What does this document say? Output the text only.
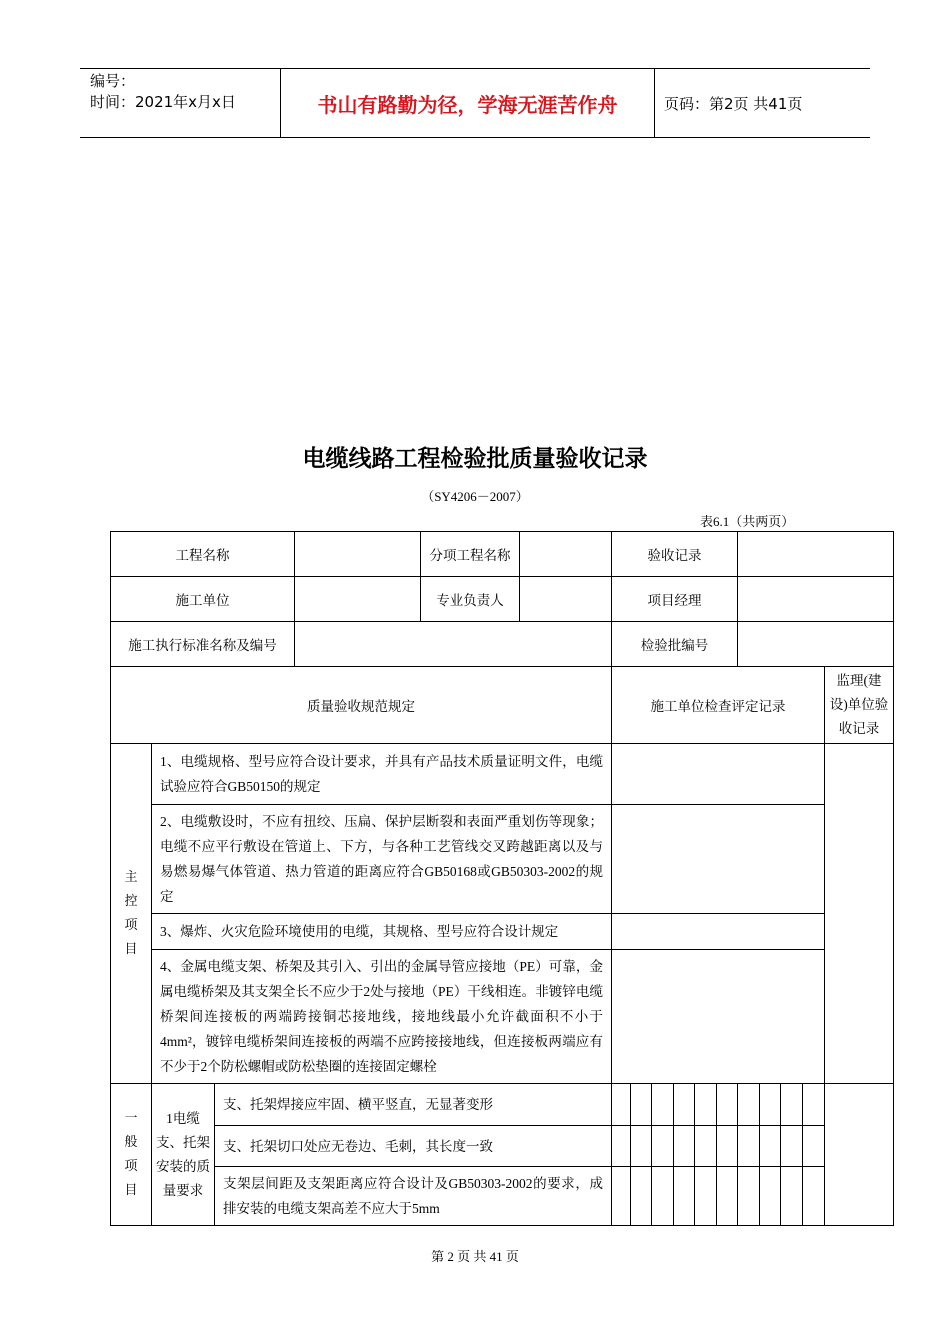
编号：
时间：2021年x月x日	书山有路勤为径，学海无涯苦作舟	页码：第2页 共41页
电缆线路工程检验批质量验收记录
（SY4206－2007）
表6.1（共两页）
工程名称				分项工程名称		验收记录										
施工单位				专业负责人		项目经理										
施工执行标准名称及编号						检验批编号										
质量验收规范规定						施工单位检查评定记录										监理(建设)单位验收记录

主控项目	1、电缆规格、型号应符合设计要求，并具有产品技术质量证明文件，电缆试验应符合GB50150的规定															
	2、电缆敷设时，不应有扭绞、压扁、保护层断裂和表面严重划伤等现象；电缆不应平行敷设在管道上、下方，与各种工艺管线交叉跨越距离以及与易燃易爆气体管道、热力管道的距离应符合GB50168或GB50303-2002的规定															
	3、爆炸、火灾危险环境使用的电缆，其规格、型号应符合设计规定															
	4、金属电缆支架、桥架及其引入、引出的金属导管应接地（PE）可靠，金属电缆桥架及其支架全长不应少于2处与接地（PE）干线相连。非镀锌电缆桥架间连接板的两端跨接铜芯接地线，接地线最小允许截面积不小于4mm²，镀锌电缆桥架间连接板的两端不应跨接接地线，但连接板两端应有不少于2个防松螺帽或防松垫圈的连接固定螺栓															

一般项目	1电缆支、托架安装的质量要求	支、托架焊接应牢固、横平竖直，无显著变形														
		支、托架切口处应无卷边、毛刺，其长度一致														
		支架层间距及支架距离应符合设计及GB50303-2002的要求，成排安装的电缆支架高差不应大于5mm														
第 2 页 共 41 页
